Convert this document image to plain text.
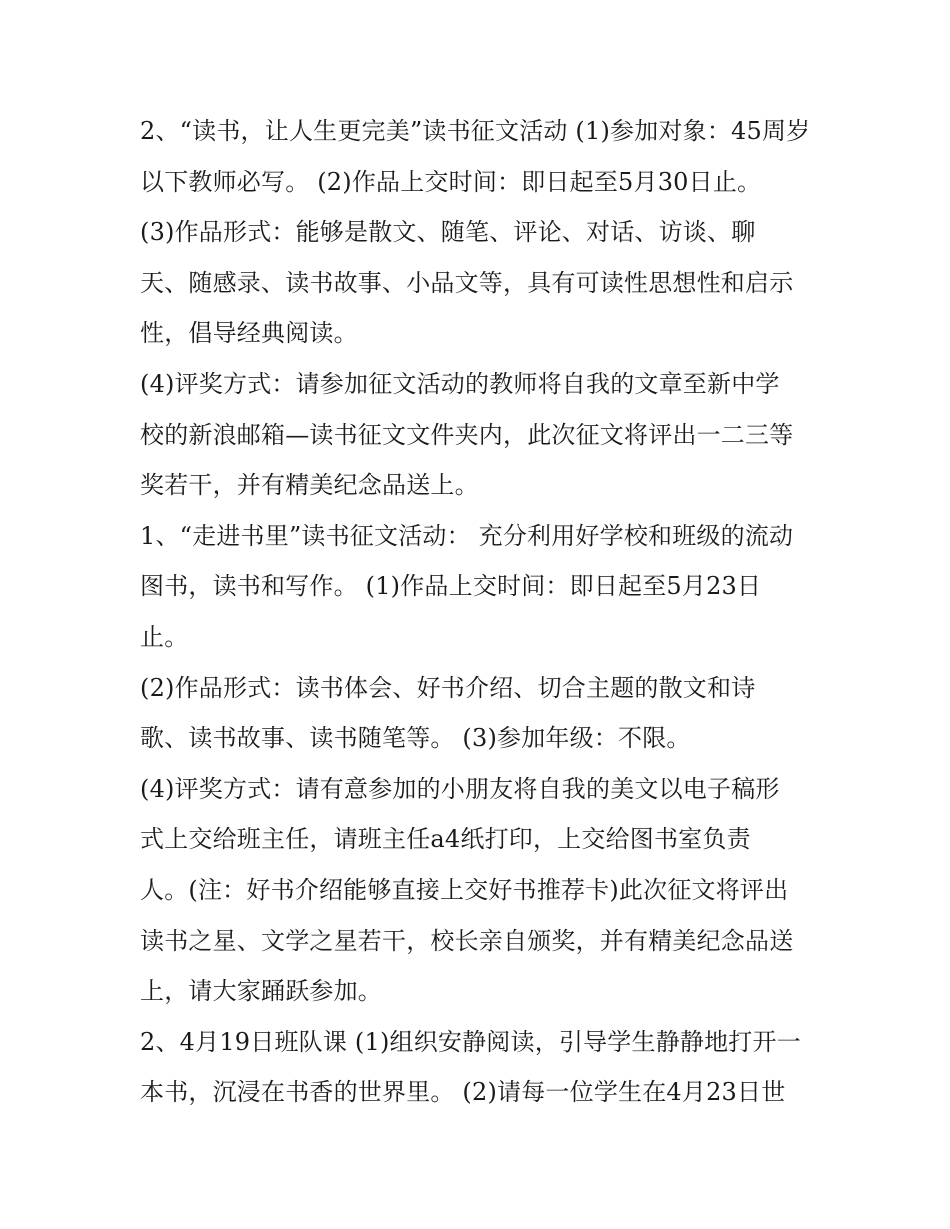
2、“读书，让人生更完美”读书征文活动 (1)参加对象：45周岁
以下教师必写。 (2)作品上交时间：即日起至5月30日止。
(3)作品形式：能够是散文、随笔、评论、对话、访谈、聊
天、随感录、读书故事、小品文等，具有可读性思想性和启示
性，倡导经典阅读。
(4)评奖方式：请参加征文活动的教师将自我的文章至新中学
校的新浪邮箱—读书征文文件夹内，此次征文将评出一二三等
奖若干，并有精美纪念品送上。
1、“走进书里”读书征文活动： 充分利用好学校和班级的流动
图书，读书和写作。 (1)作品上交时间：即日起至5月23日
止。
(2)作品形式：读书体会、好书介绍、切合主题的散文和诗
歌、读书故事、读书随笔等。 (3)参加年级：不限。
(4)评奖方式：请有意参加的小朋友将自我的美文以电子稿形
式上交给班主任，请班主任a4纸打印，上交给图书室负责
人。(注：好书介绍能够直接上交好书推荐卡)此次征文将评出
读书之星、文学之星若干，校长亲自颁奖，并有精美纪念品送
上，请大家踊跃参加。
2、4月19日班队课 (1)组织安静阅读，引导学生静静地打开一
本书，沉浸在书香的世界里。 (2)请每一位学生在4月23日世
